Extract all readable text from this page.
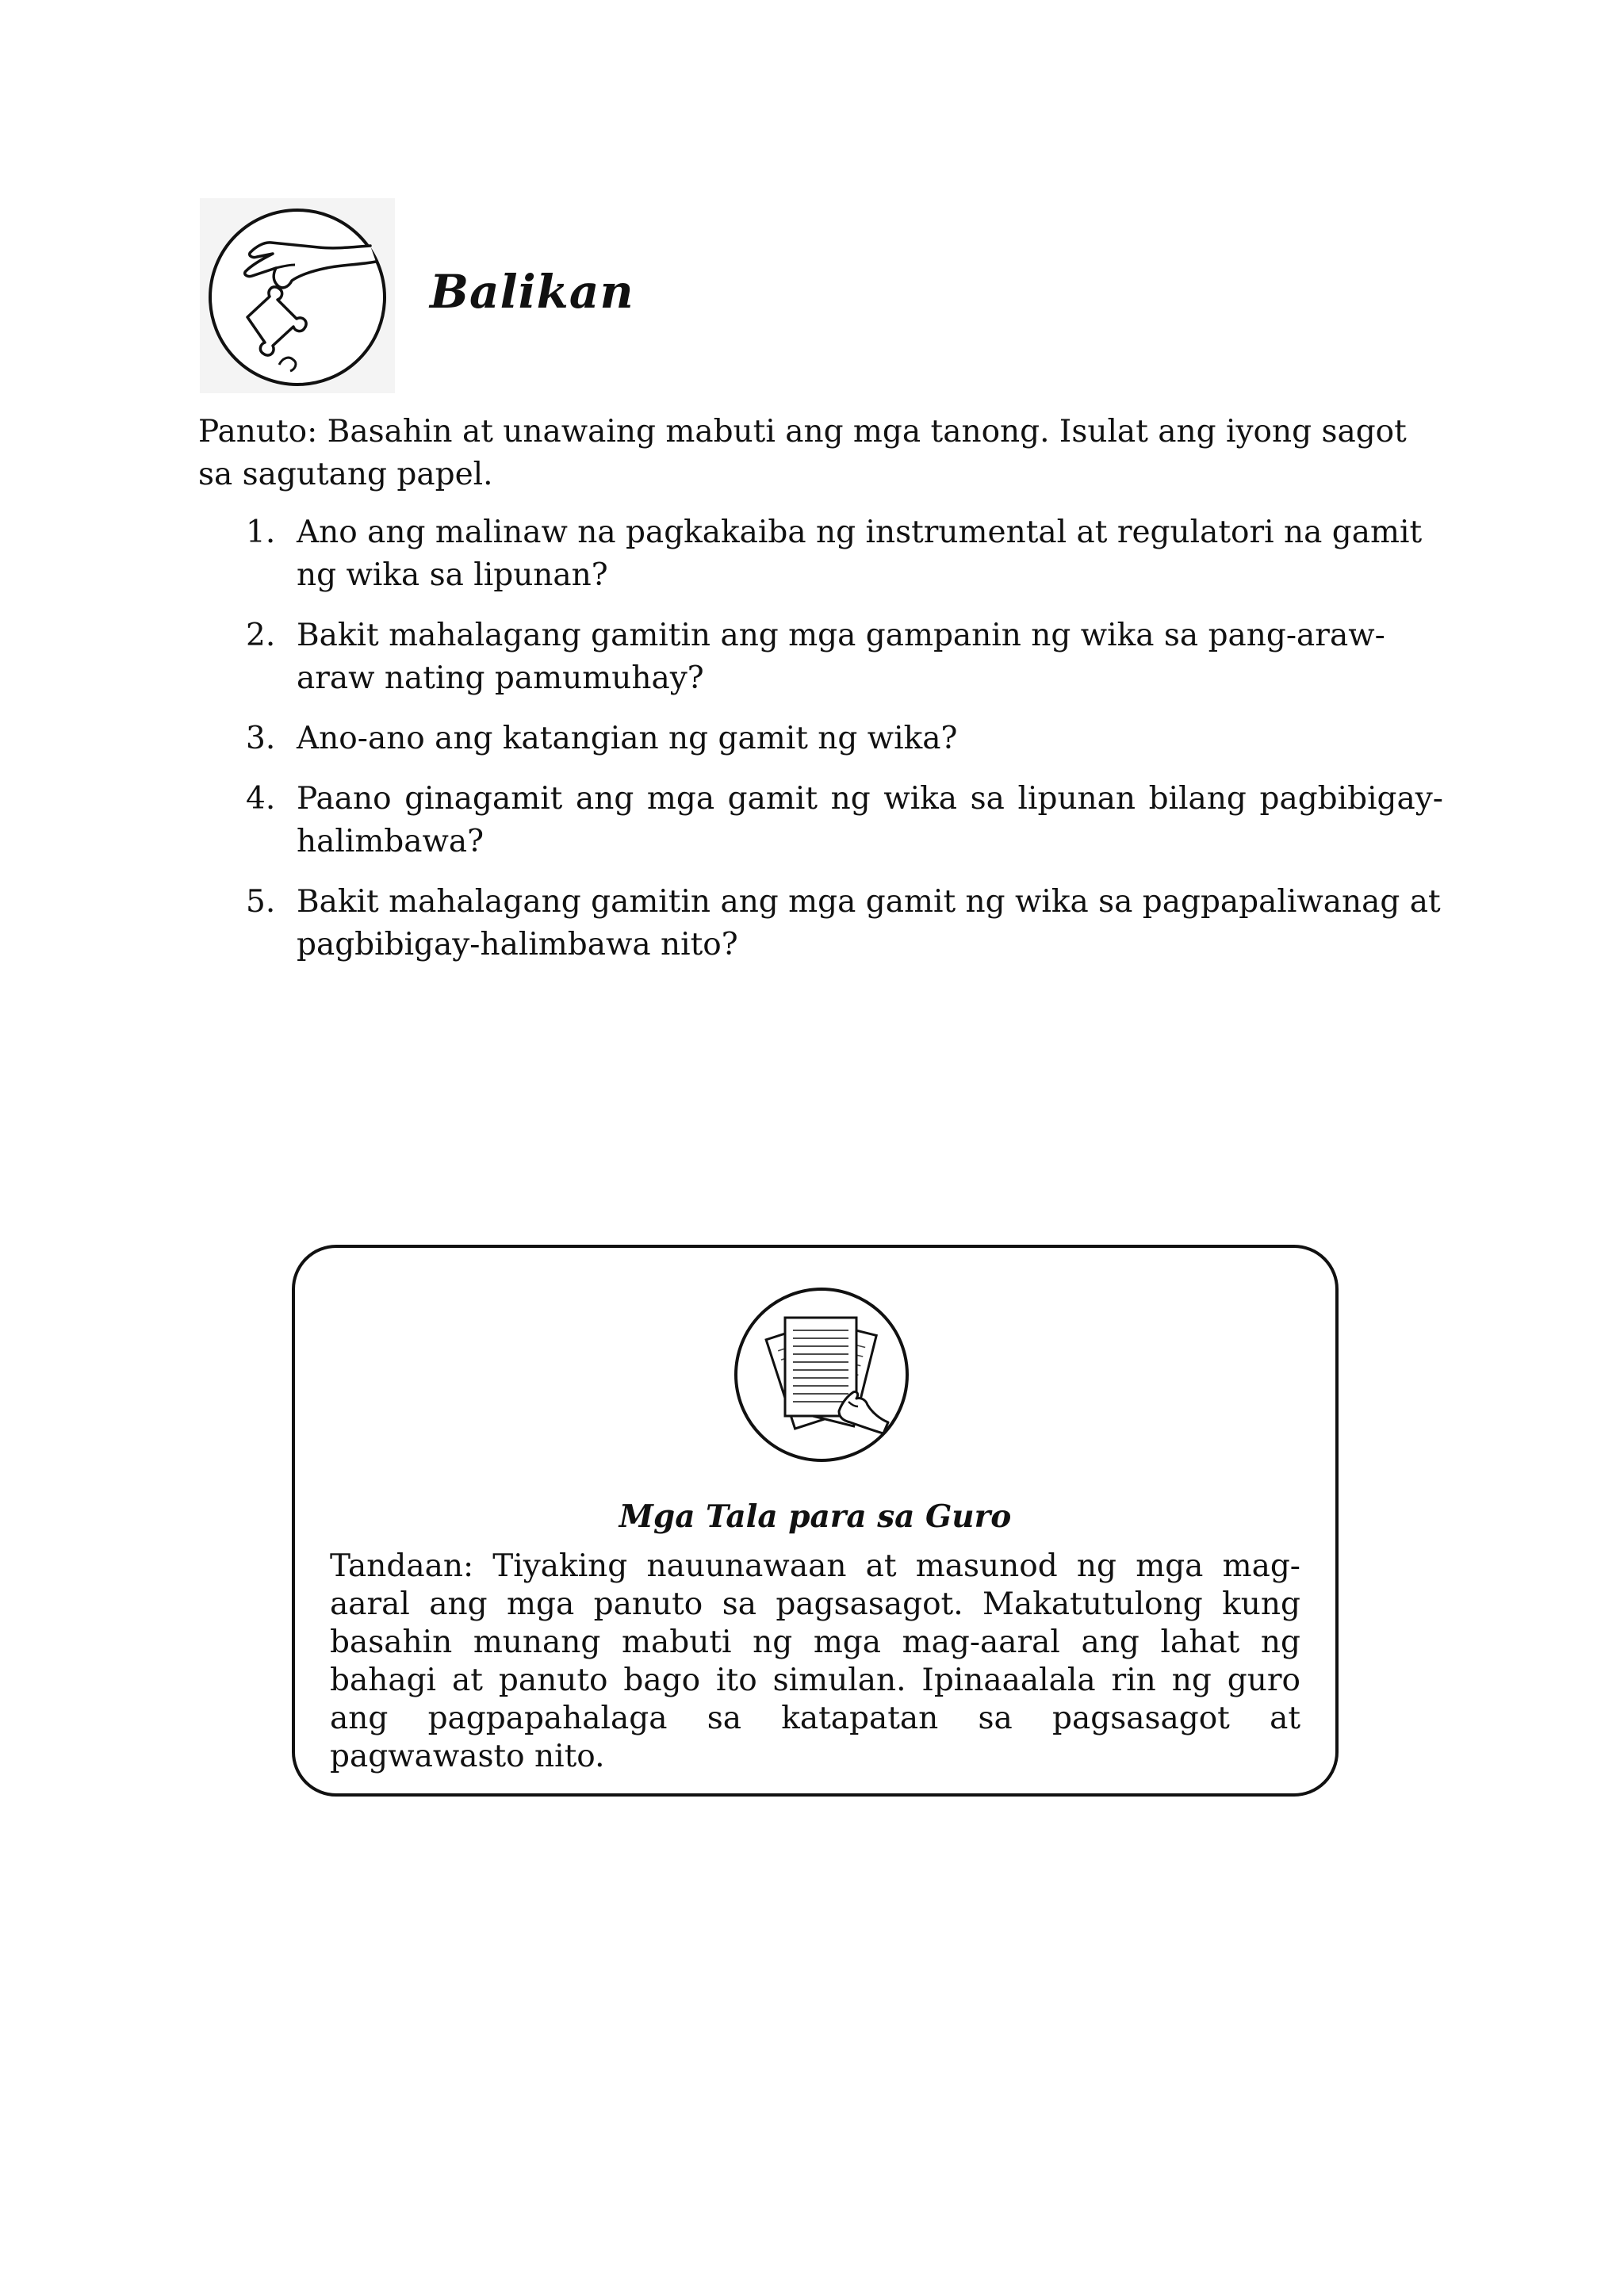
Balikan

Panuto: Basahin at unawaing mabuti ang mga tanong. Isulat ang iyong sagot sa sagutang papel.

1. Ano ang malinaw na pagkakaiba ng instrumental at regulatori na gamit ng wika sa lipunan?
2. Bakit mahalagang gamitin ang mga gampanin ng wika sa pang-araw-araw nating pamumuhay?
3. Ano-ano ang katangian ng gamit ng wika?
4. Paano ginagamit ang mga gamit ng wika sa lipunan bilang pagbibigay-halimbawa?
5. Bakit mahalagang gamitin ang mga gamit ng wika sa pagpapaliwanag at pagbibigay-halimbawa nito?
Mga Tala para sa Guro

Tandaan: Tiyaking nauunawaan at masunod ng mga mag-aaral ang mga panuto sa pagsasagot. Makatutulong kung basahin munang mabuti ng mga mag-aaral ang lahat ng bahagi at panuto bago ito simulan. Ipinaaalala rin ng guro ang pagpapahalaga sa katapatan sa pagsasagot at pagwawasto nito.
